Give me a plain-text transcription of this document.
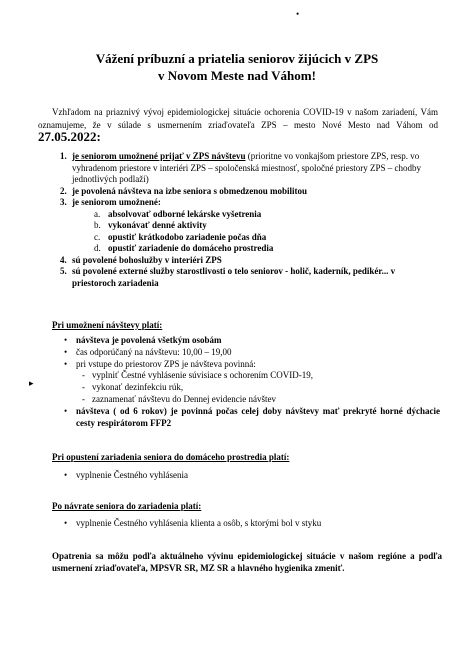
•
▸
Vážení príbuzní a priatelia seniorov žijúcich v ZPS
v Novom Meste nad Váhom!
Vzhľadom na priaznivý vývoj epidemiologickej situácie ochorenia COVID-19 v našom zariadení, Vám oznamujeme, že v súlade s usmernením zriaďovateľa ZPS – mesto Nové Mesto nad Váhom od 27.05.2022:
1. je seniorom umožnené prijať v ZPS návštevu (prioritne vo vonkajšom priestore ZPS, resp. vo vyhradenom priestore v interiéri ZPS – spoločenská miestnosť, spoločné priestory ZPS – chodby jednotlivých podlaží)
2. je povolená návšteva na izbe seniora s obmedzenou mobilitou
3. je seniorom umožnené:
a. absolvovať odborné lekárske vyšetrenia
b. vykonávať denné aktivity
c. opustiť krátkodobo zariadenie počas dňa
d. opustiť zariadenie do domáceho prostredia
4. sú povolené bohoslužby v interiéri ZPS
5. sú povolené externé služby starostlivosti o telo seniorov - holič, kaderník, pedikér... v priestoroch zariadenia
Pri umožnení návštevy platí:
• návšteva je povolená všetkým osobám
• čas odporúčaný na návštevu: 10,00 – 19,00
• pri vstupe do priestorov ZPS je návšteva povinná:
- vyplniť Čestné vyhlásenie súvisiace s ochorením COVID-19,
- vykonať dezinfekciu rúk,
- zaznamenať návštevu do Dennej evidencie návštev
• návšteva ( od 6 rokov) je povinná počas celej doby návštevy mať prekryté horné dýchacie cesty respirátorom FFP2
Pri opustení zariadenia seniora do domáceho prostredia platí:
• vyplnenie Čestného vyhlásenia
Po návrate seniora do zariadenia platí:
• vyplnenie Čestného vyhlásenia klienta a osôb, s ktorými bol v styku
Opatrenia sa môžu podľa aktuálneho vývinu epidemiologickej situácie v našom regióne a podľa usmernení zriaďovateľa, MPSVR SR, MZ SR a hlavného hygienika zmeniť.
